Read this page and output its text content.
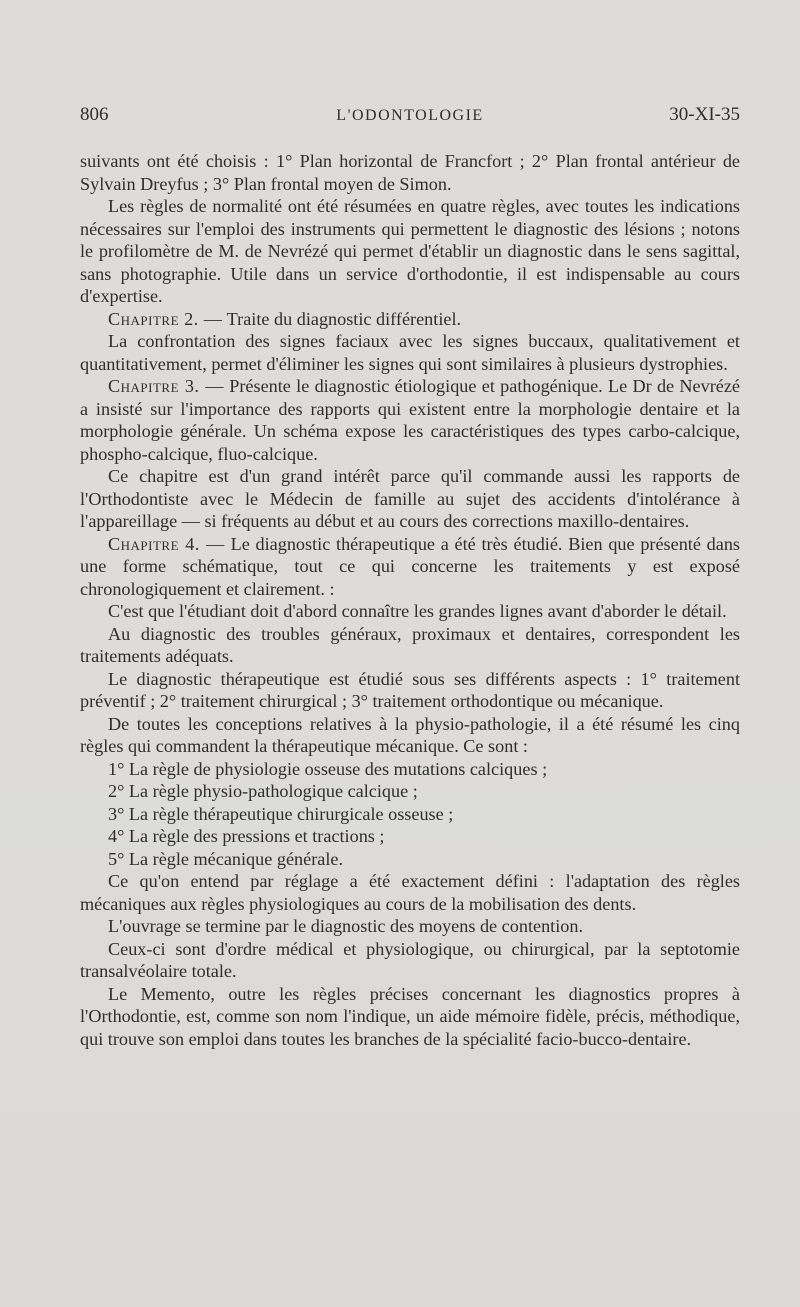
806	L'ODONTOLOGIE	30-XI-35

suivants ont été choisis : 1° Plan horizontal de Francfort ; 2° Plan frontal antérieur de Sylvain Dreyfus ; 3° Plan frontal moyen de Simon.

Les règles de normalité ont été résumées en quatre règles, avec toutes les indications nécessaires sur l'emploi des instruments qui permettent le diagnostic des lésions ; notons le profilomètre de M. de Nevrézé qui permet d'établir un diagnostic dans le sens sagittal, sans photographie. Utile dans un service d'orthodontie, il est indispensable au cours d'expertise.

Chapitre 2. — Traite du diagnostic différentiel.

La confrontation des signes faciaux avec les signes buccaux, qualitativement et quantitativement, permet d'éliminer les signes qui sont similaires à plusieurs dystrophies.

Chapitre 3. — Présente le diagnostic étiologique et pathogénique. Le Dr de Nevrézé a insisté sur l'importance des rapports qui existent entre la morphologie dentaire et la morphologie générale. Un schéma expose les caractéristiques des types carbo-calcique, phospho-calcique, fluo-calcique.

Ce chapitre est d'un grand intérêt parce qu'il commande aussi les rapports de l'Orthodontiste avec le Médecin de famille au sujet des accidents d'intolérance à l'appareillage — si fréquents au début et au cours des corrections maxillo-dentaires.

Chapitre 4. — Le diagnostic thérapeutique a été très étudié. Bien que présenté dans une forme schématique, tout ce qui concerne les traitements y est exposé chronologiquement et clairement. :

C'est que l'étudiant doit d'abord connaître les grandes lignes avant d'aborder le détail.

Au diagnostic des troubles généraux, proximaux et dentaires, correspondent les traitements adéquats.

Le diagnostic thérapeutique est étudié sous ses différents aspects : 1° traitement préventif ; 2° traitement chirurgical ; 3° traitement orthodontique ou mécanique.

De toutes les conceptions relatives à la physio-pathologie, il a été résumé les cinq règles qui commandent la thérapeutique mécanique. Ce sont :

1° La règle de physiologie osseuse des mutations calciques ;

2° La règle physio-pathologique calcique ;

3° La règle thérapeutique chirurgicale osseuse ;

4° La règle des pressions et tractions ;

5° La règle mécanique générale.

Ce qu'on entend par réglage a été exactement défini : l'adaptation des règles mécaniques aux règles physiologiques au cours de la mobilisation des dents.

L'ouvrage se termine par le diagnostic des moyens de contention.

Ceux-ci sont d'ordre médical et physiologique, ou chirurgical, par la septotomie transalvéolaire totale.

Le Memento, outre les règles précises concernant les diagnostics propres à l'Orthodontie, est, comme son nom l'indique, un aide mémoire fidèle, précis, méthodique, qui trouve son emploi dans toutes les branches de la spécialité facio-bucco-dentaire.
